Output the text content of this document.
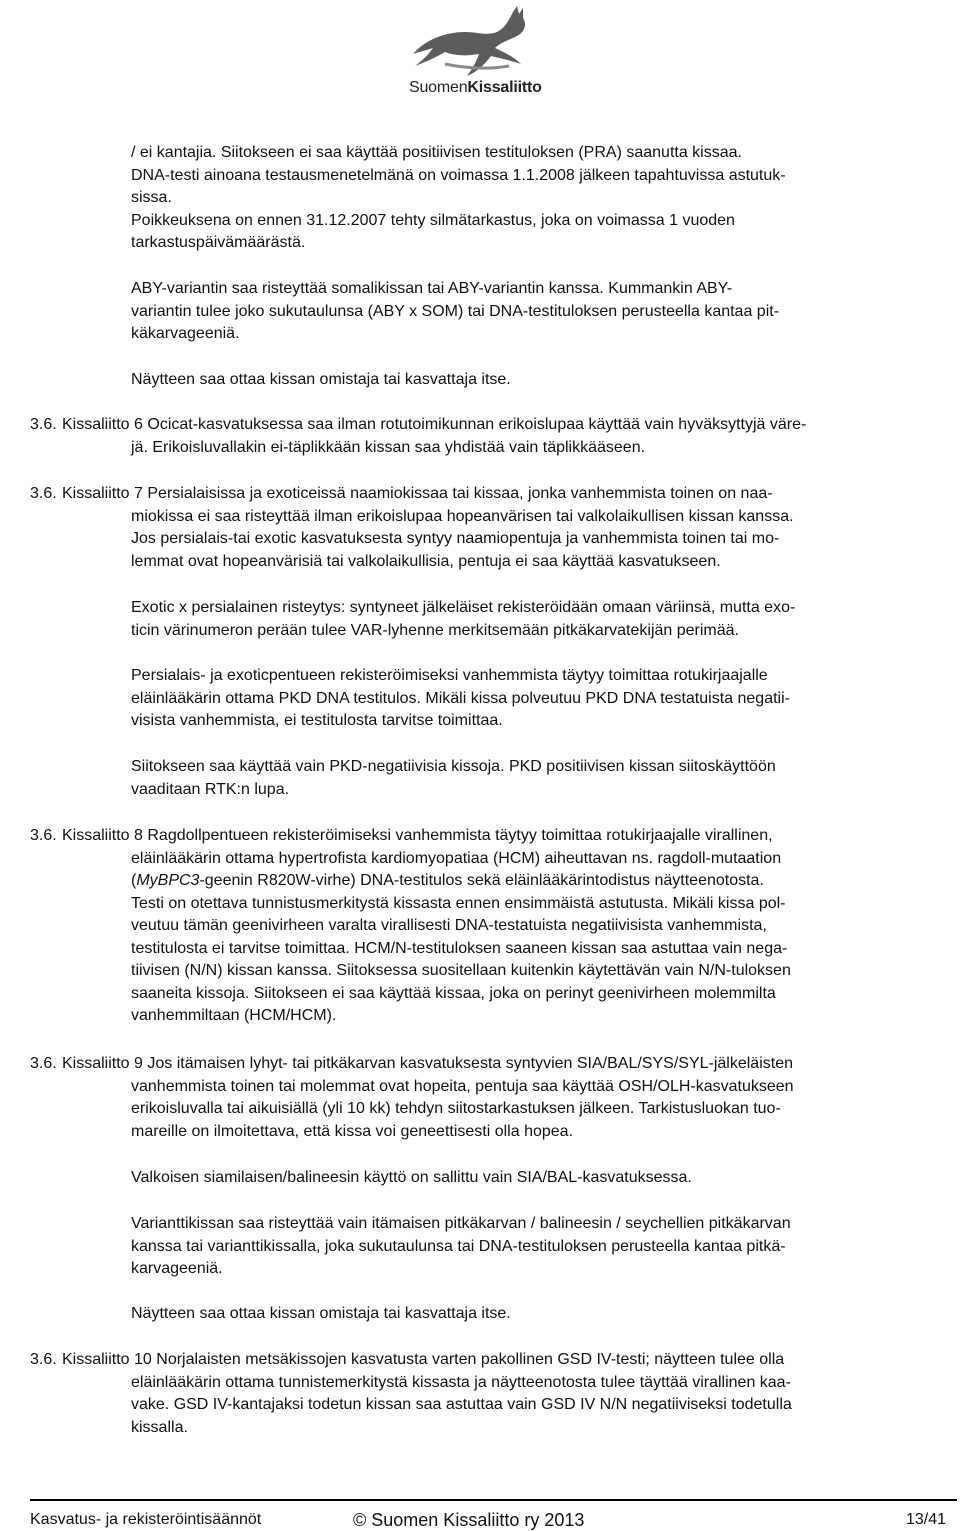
SuomenKissaliitto
/ ei kantajia. Siitokseen ei saa käyttää positiivisen testituloksen (PRA) saanutta kissaa.
DNA-testi ainoana testausmenetelmänä on voimassa 1.1.2008 jälkeen tapahtuvissa astutuk-
sissa.
Poikkeuksena on ennen 31.12.2007 tehty silmätarkastus, joka on voimassa 1 vuoden
tarkastuspäivämäärästä.
ABY-variantin saa risteyttää somalikissan tai ABY-variantin kanssa. Kummankin ABY-
variantin tulee joko sukutaulunsa (ABY x SOM) tai DNA-testituloksen perusteella kantaa pit-
käkarvageeniä.
Näytteen saa ottaa kissan omistaja tai kasvattaja itse.
3.6. Kissaliitto 6 Ocicat-kasvatuksessa saa ilman rotutoimikunnan erikoislupaa käyttää vain hyväksyttyjä väre-
jä. Erikoisluvallakin ei-täplikkään kissan saa yhdistää vain täplikkääseen.
3.6. Kissaliitto 7 Persialaisissa ja exoticeissä naamiokissaa tai kissaa, jonka vanhemmista toinen on naa-
miokissa ei saa risteyttää ilman erikoislupaa hopeanvärisen tai valkolaikullisen kissan kanssa.
Jos persialais-tai exotic kasvatuksesta syntyy naamiopentuja ja vanhemmista toinen tai mo-
lemmat ovat hopeanvärisiä tai valkolaikullisia, pentuja ei saa käyttää kasvatukseen.
Exotic x persialainen risteytys: syntyneet jälkeläiset rekisteröidään omaan väriinsä, mutta exo-
ticin värinumeron perään tulee VAR-lyhenne merkitsemään pitkäkarvatekijän perimää.
Persialais- ja exoticpentueen rekisteröimiseksi vanhemmista täytyy toimittaa rotukirjaajalle
eläinlääkärin ottama PKD DNA testitulos. Mikäli kissa polveutuu PKD DNA testatuista negatii-
visista vanhemmista, ei testitulosta tarvitse toimittaa.
Siitokseen saa käyttää vain PKD-negatiivisia kissoja. PKD positiivisen kissan siitoskäyttöön
vaaditaan RTK:n lupa.
3.6. Kissaliitto 8 Ragdollpentueen rekisteröimiseksi vanhemmista täytyy toimittaa rotukirjaajalle virallinen,
eläinlääkärin ottama hypertrofista kardiomyopatiaa (HCM) aiheuttavan ns. ragdoll-mutaation
(MyBPC3-geenin R820W-virhe) DNA-testitulos sekä eläinlääkärintodistus näytteenotosta.
Testi on otettava tunnistusmerkitystä kissasta ennen ensimmäistä astutusta. Mikäli kissa pol-
veutuu tämän geenivirheen varalta virallisesti DNA-testatuista negatiivisista vanhemmista,
testitulosta ei tarvitse toimittaa. HCM/N-testituloksen saaneen kissan saa astuttaa vain nega-
tiivisen (N/N) kissan kanssa. Siitoksessa suositellaan kuitenkin käytettävän vain N/N-tuloksen
saaneita kissoja. Siitokseen ei saa käyttää kissaa, joka on perinyt geenivirheen molemmilta
vanhemmiltaan (HCM/HCM).
3.6. Kissaliitto 9 Jos itämaisen lyhyt- tai pitkäkarvan kasvatuksesta syntyvien SIA/BAL/SYS/SYL-jälkeläisten
vanhemmista toinen tai molemmat ovat hopeita, pentuja saa käyttää OSH/OLH-kasvatukseen
erikoisluvalla tai aikuisiällä (yli 10 kk) tehdyn siitostarkastuksen jälkeen. Tarkistusluokan tuo-
mareille on ilmoitettava, että kissa voi geneettisesti olla hopea.
Valkoisen siamilaisen/balineesin käyttö on sallittu vain SIA/BAL-kasvatuksessa.
Varianttikissan saa risteyttää vain itämaisen pitkäkarvan / balineesin / seychellien pitkäkarvan
kanssa tai varianttikissalla, joka sukutaulunsa tai DNA-testituloksen perusteella kantaa pitkä-
karvageeniä.
Näytteen saa ottaa kissan omistaja tai kasvattaja itse.
3.6. Kissaliitto 10 Norjalaisten metsäkissojen kasvatusta varten pakollinen GSD IV-testi; näytteen tulee olla
eläinlääkärin ottama tunnistemerkitystä kissasta ja näytteenotosta tulee täyttää virallinen kaa-
vake. GSD IV-kantajaksi todetun kissan saa astuttaa vain GSD IV N/N negatiiviseksi todetulla
kissalla.
Kasvatus- ja rekisteröintisäännöt	© Suomen Kissaliitto ry 2013	13/41
